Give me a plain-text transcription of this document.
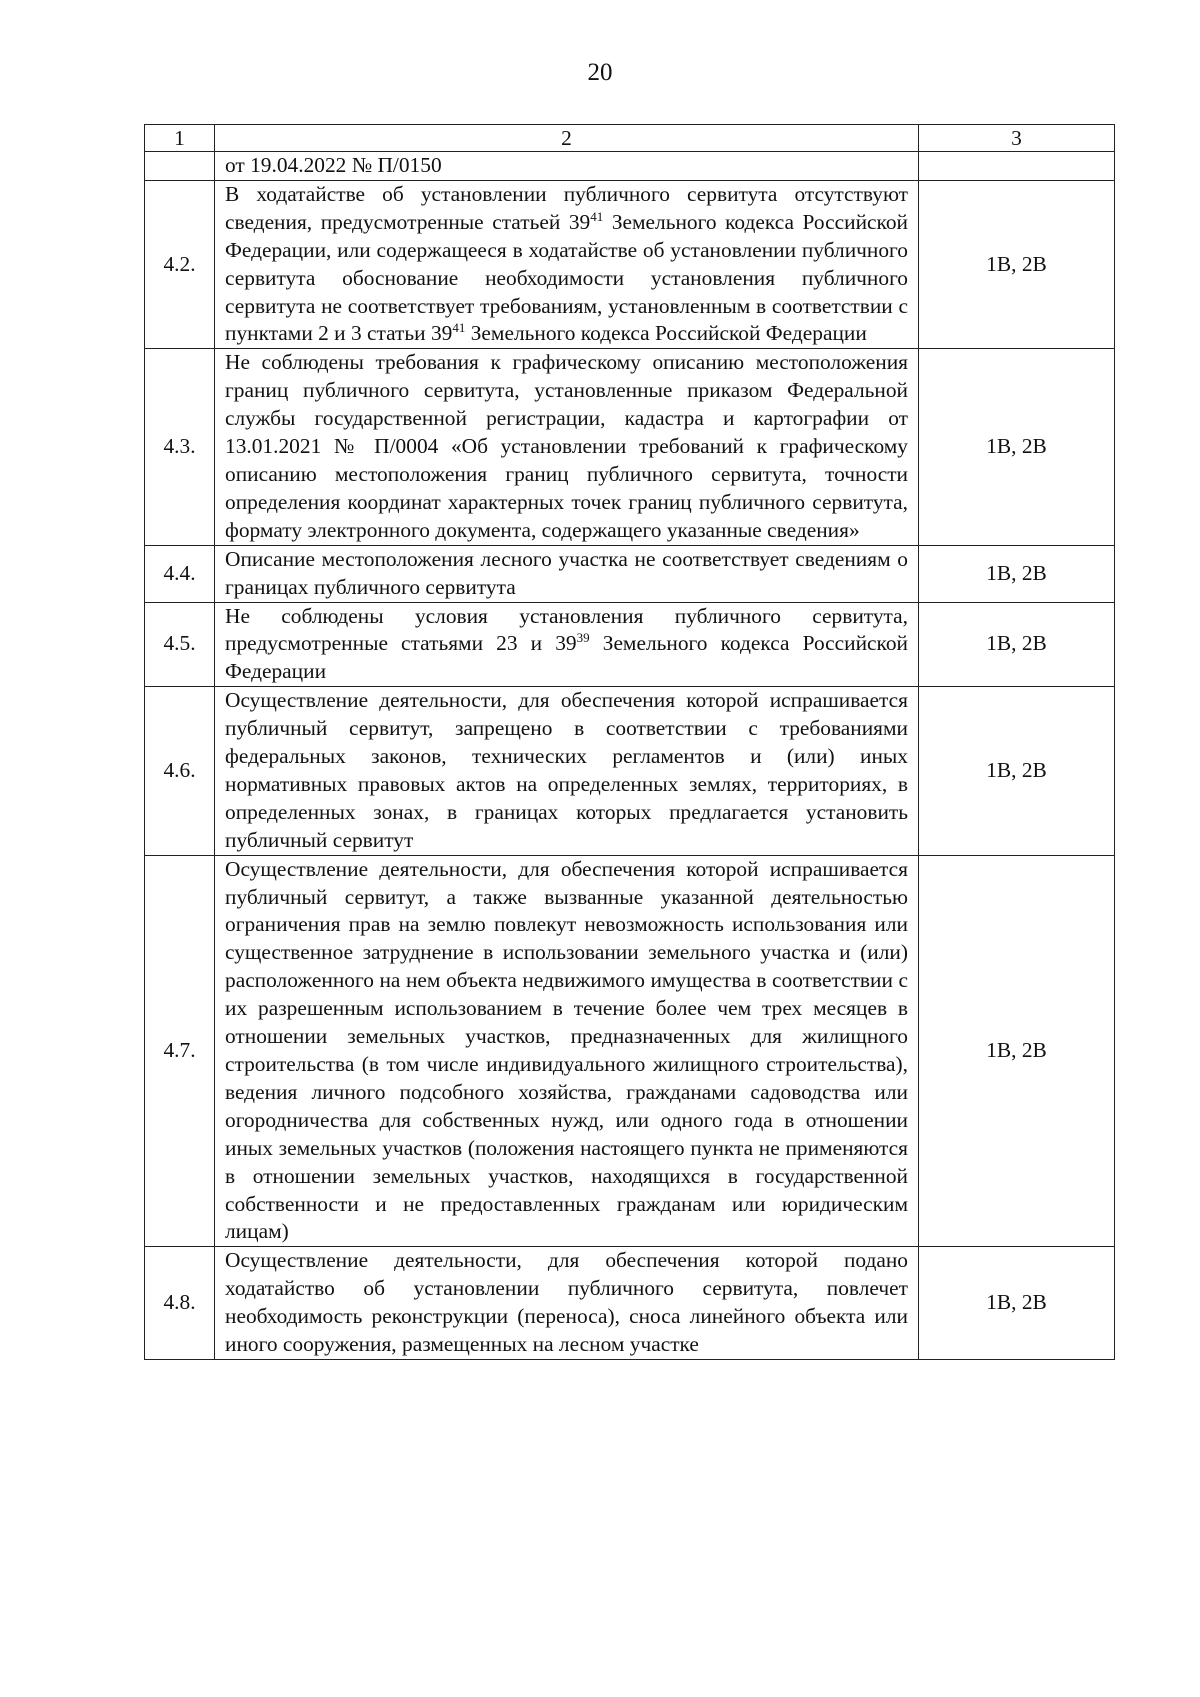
20
1	2	3
	от 19.04.2022 № П/0150	
4.2.	В ходатайстве об установлении публичного сервитута отсутствуют сведения, предусмотренные статьей $39^{41}$ Земельного кодекса Российской Федерации, или содержащееся в ходатайстве об установлении публичного сервитута обоснование необходимости установления публичного сервитута не соответствует требованиям, установленным в соответствии с пунктами 2 и 3 статьи $39^{41}$ Земельного кодекса Российской Федерации	1В, 2В
4.3.	Не соблюдены требования к графическому описанию местоположения границ публичного сервитута, установленные приказом Федеральной службы государственной регистрации, кадастра и картографии от 13.01.2021 № П/0004 «Об установлении требований к графическому описанию местоположения границ публичного сервитута, точности определения координат характерных точек границ публичного сервитута, формату электронного документа, содержащего указанные сведения»	1В, 2В
4.4.	Описание местоположения лесного участка не соответствует сведениям о границах публичного сервитута	1В, 2В
4.5.	Не соблюдены условия установления публичного сервитута, предусмотренные статьями 23 и $39^{39}$ Земельного кодекса Российской Федерации	1В, 2В
4.6.	Осуществление деятельности, для обеспечения которой испрашивается публичный сервитут, запрещено в соответствии с требованиями федеральных законов, технических регламентов и (или) иных нормативных правовых актов на определенных землях, территориях, в определенных зонах, в границах которых предлагается установить публичный сервитут	1В, 2В
4.7.	Осуществление деятельности, для обеспечения которой испрашивается публичный сервитут, а также вызванные указанной деятельностью ограничения прав на землю повлекут невозможность использования или существенное затруднение в использовании земельного участка и (или) расположенного на нем объекта недвижимого имущества в соответствии с их разрешенным использованием в течение более чем трех месяцев в отношении земельных участков, предназначенных для жилищного строительства (в том числе индивидуального жилищного строительства), ведения личного подсобного хозяйства, гражданами садоводства или огородничества для собственных нужд, или одного года в отношении иных земельных участков (положения настоящего пункта не применяются в отношении земельных участков, находящихся в государственной собственности и не предоставленных гражданам или юридическим лицам)	1В, 2В
4.8.	Осуществление деятельности, для обеспечения которой подано ходатайство об установлении публичного сервитута, повлечет необходимость реконструкции (переноса), сноса линейного объекта или иного сооружения, размещенных на лесном участке	1В, 2В
